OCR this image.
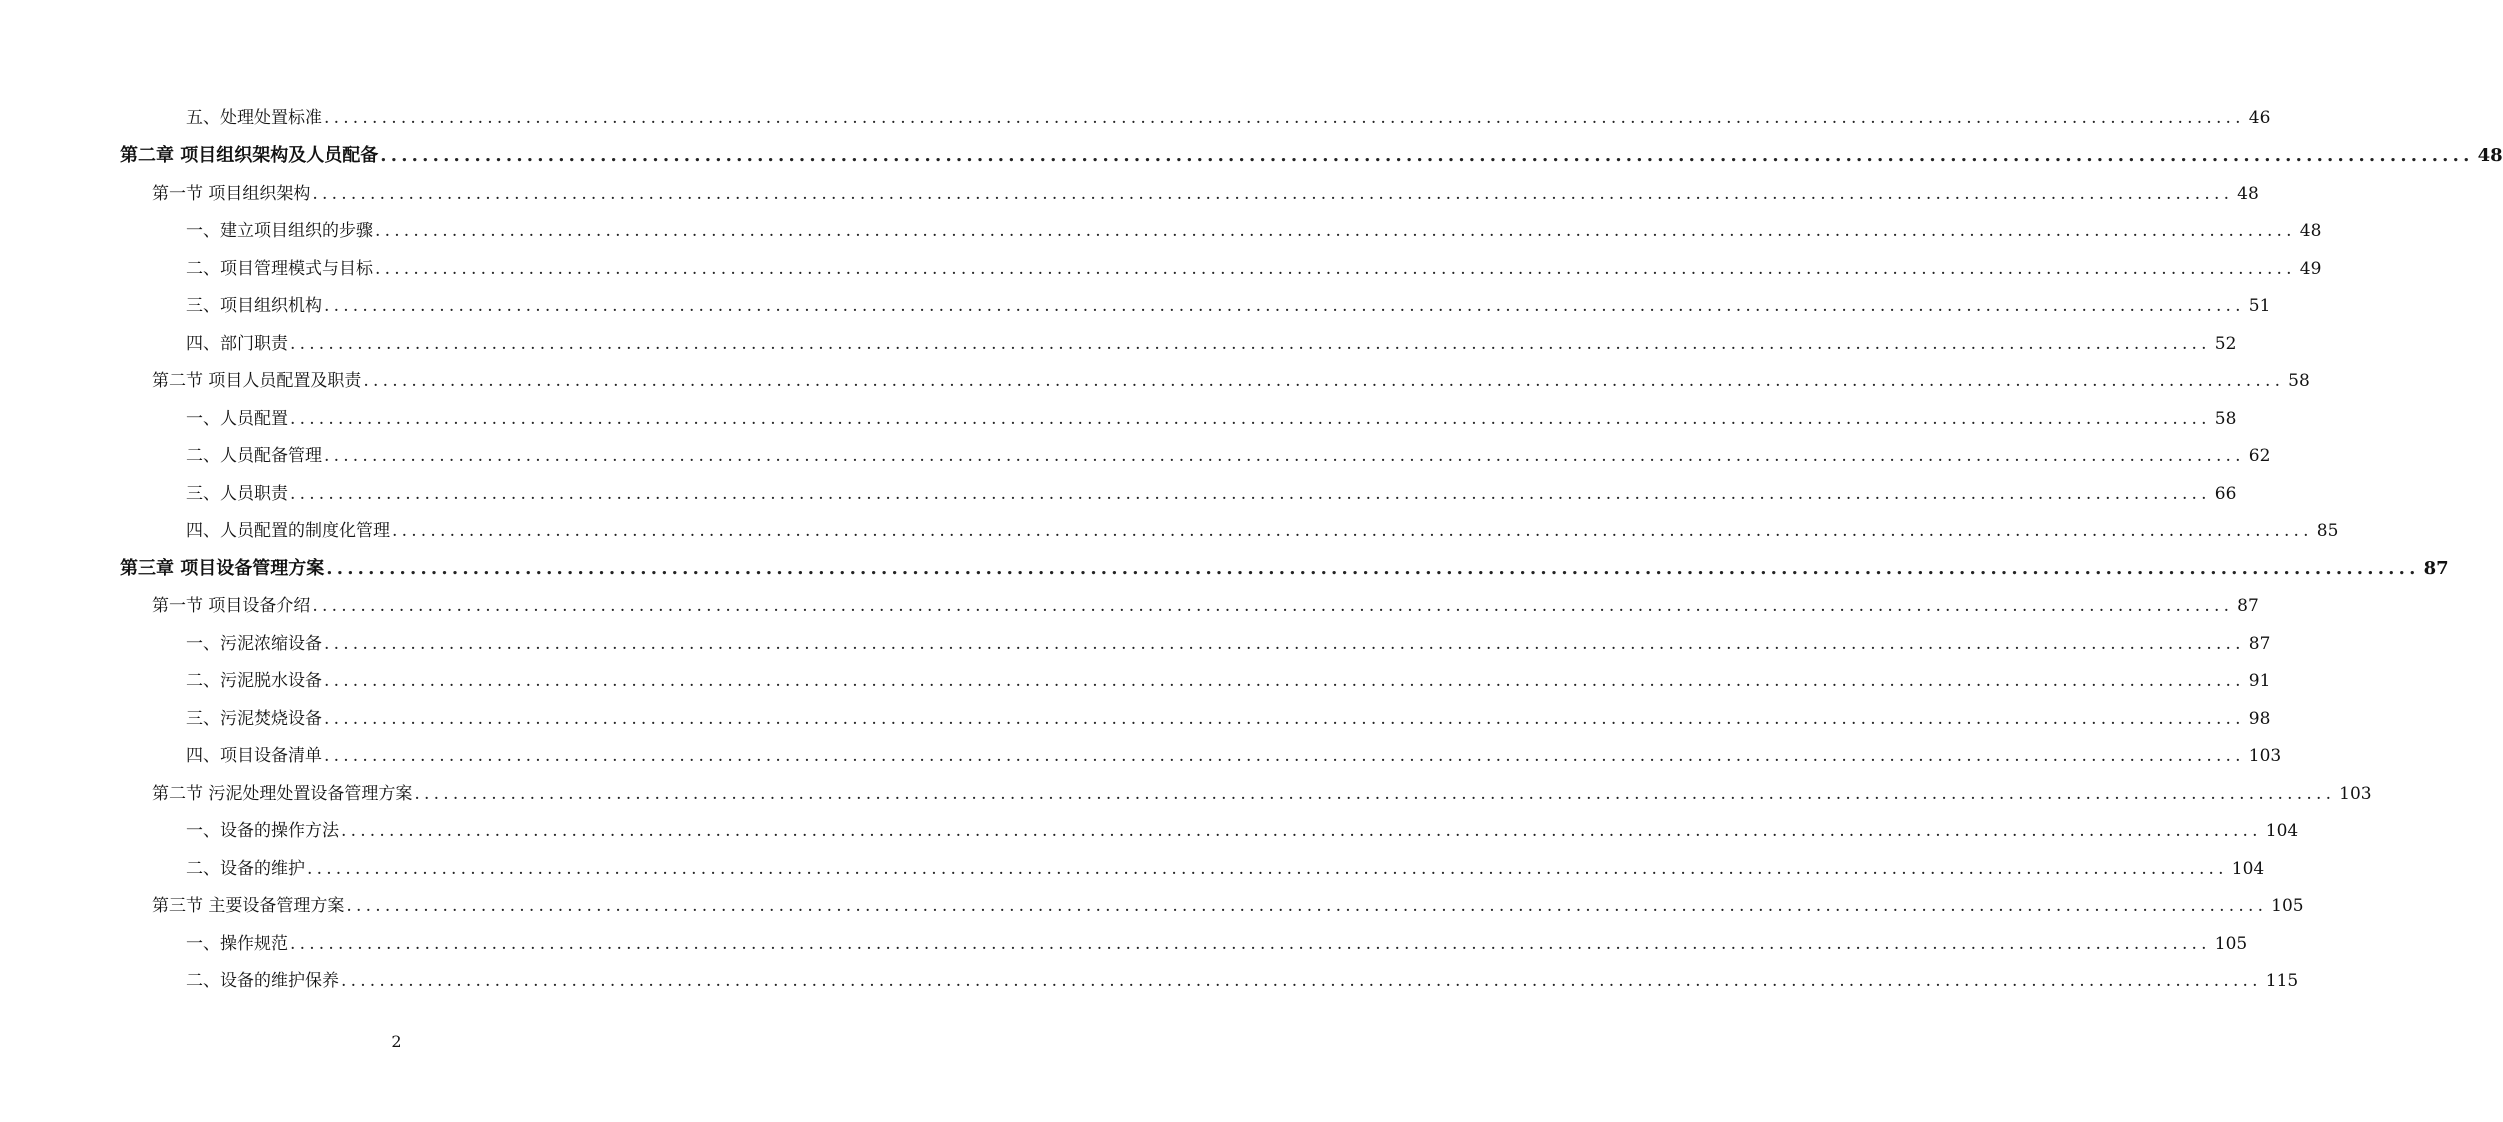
五、处理处置标准 ........................................................................................................................................................................................................ 46
第二章 项目组织架构及人员配备 ........................................................................................................................................................................................................ 48
第一节 项目组织架构 ........................................................................................................................................................................................................ 48
一、建立项目组织的步骤 ........................................................................................................................................................................................................ 48
二、项目管理模式与目标 ........................................................................................................................................................................................................ 49
三、项目组织机构 ........................................................................................................................................................................................................ 51
四、部门职责 ........................................................................................................................................................................................................ 52
第二节 项目人员配置及职责 ........................................................................................................................................................................................................ 58
一、人员配置 ........................................................................................................................................................................................................ 58
二、人员配备管理 ........................................................................................................................................................................................................ 62
三、人员职责 ........................................................................................................................................................................................................ 66
四、人员配置的制度化管理 ........................................................................................................................................................................................................ 85
第三章 项目设备管理方案 ........................................................................................................................................................................................................ 87
第一节 项目设备介绍 ........................................................................................................................................................................................................ 87
一、污泥浓缩设备 ........................................................................................................................................................................................................ 87
二、污泥脱水设备 ........................................................................................................................................................................................................ 91
三、污泥焚烧设备 ........................................................................................................................................................................................................ 98
四、项目设备清单 ........................................................................................................................................................................................................ 103
第二节 污泥处理处置设备管理方案 ........................................................................................................................................................................................................ 103
一、设备的操作方法 ........................................................................................................................................................................................................ 104
二、设备的维护 ........................................................................................................................................................................................................ 104
第三节 主要设备管理方案 ........................................................................................................................................................................................................ 105
一、操作规范 ........................................................................................................................................................................................................ 105
二、设备的维护保养 ........................................................................................................................................................................................................ 115
2
